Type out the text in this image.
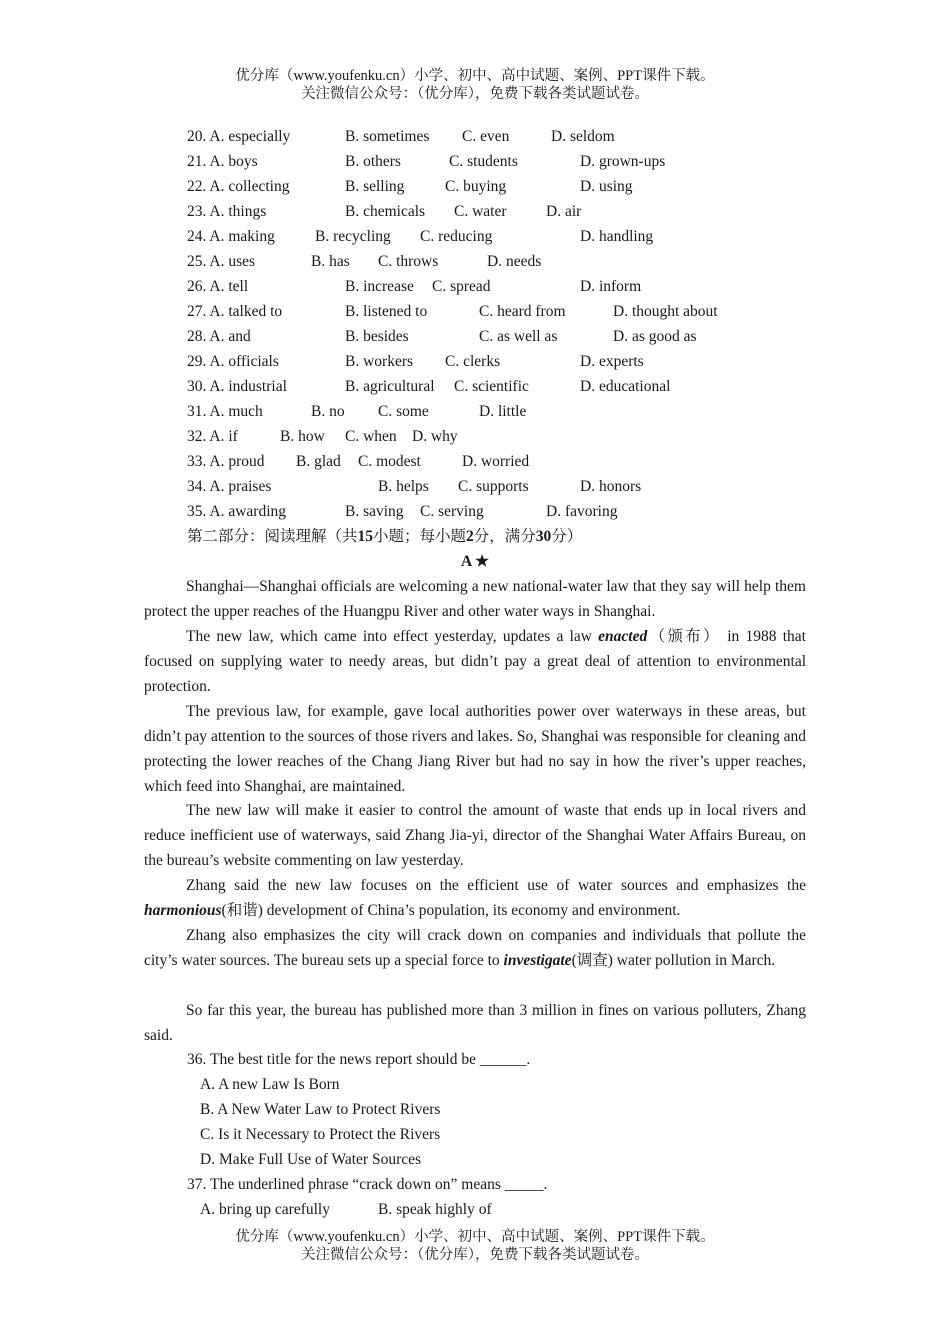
优分库（www.youfenku.cn）小学、初中、高中试题、案例、PPT课件下载。
关注微信公众号：（优分库），免费下载各类试题试卷。
20. A. especially	B. sometimes C. even	D. seldom
21. A. boys	B. others	C. students	D. grown-ups
22. A. collecting	B. selling	C. buying	D. using
23. A. things	B. chemicals C. water	D. air
24. A. making	B. recycling C. reducing	D. handling
25. A. uses	B. has C. throws	D. needs
26. A. tell	B. increase C. spread	D. inform
27. A. talked to	B. listened to	C. heard from	D. thought about
28. A. and	B. besides	C. as well as	D. as good as
29. A. officials	B. workers C. clerks	D. experts
30. A. industrial	B. agricultural C. scientific	D. educational
31. A. much	B. no C. some	D. little
32. A. if	B. how C. when D. why
33. A. proud B. glad C. modest	D. worried
34. A. praises	B. helps C. supports	D. honors
35. A. awarding	B. saving C. serving	D. favoring
第二部分：阅读理解（共15小题；每小题2分，满分30分）
A ★
Shanghai—Shanghai officials are welcoming a new national-water law that they say will help them protect the upper reaches of the Huangpu River and other water ways in Shanghai.
The new law, which came into effect yesterday, updates a law enacted（颁布） in 1988 that focused on supplying water to needy areas, but didn’t pay a great deal of attention to environmental protection.
The previous law, for example, gave local authorities power over waterways in these areas, but didn’t pay attention to the sources of those rivers and lakes. So, Shanghai was responsible for cleaning and protecting the lower reaches of the Chang Jiang River but had no say in how the river’s upper reaches, which feed into Shanghai, are maintained.
The new law will make it easier to control the amount of waste that ends up in local rivers and reduce inefficient use of waterways, said Zhang Jia-yi, director of the Shanghai Water Affairs Bureau, on the bureau’s website commenting on law yesterday.
Zhang said the new law focuses on the efficient use of water sources and emphasizes the harmonious(和谐) development of China’s population, its economy and environment.
Zhang also emphasizes the city will crack down on companies and individuals that pollute the city’s water sources. The bureau sets up a special force to investigate(调查) water pollution in March.
So far this year, the bureau has published more than 3 million in fines on various polluters, Zhang said.
36. The best title for the news report should be ______.
A. A new Law Is Born
B. A New Water Law to Protect Rivers
C. Is it Necessary to Protect the Rivers
D. Make Full Use of Water Sources
37. The underlined phrase “crack down on” means _____.
A. bring up carefully	B. speak highly of
优分库（www.youfenku.cn）小学、初中、高中试题、案例、PPT课件下载。
关注微信公众号：（优分库），免费下载各类试题试卷。
